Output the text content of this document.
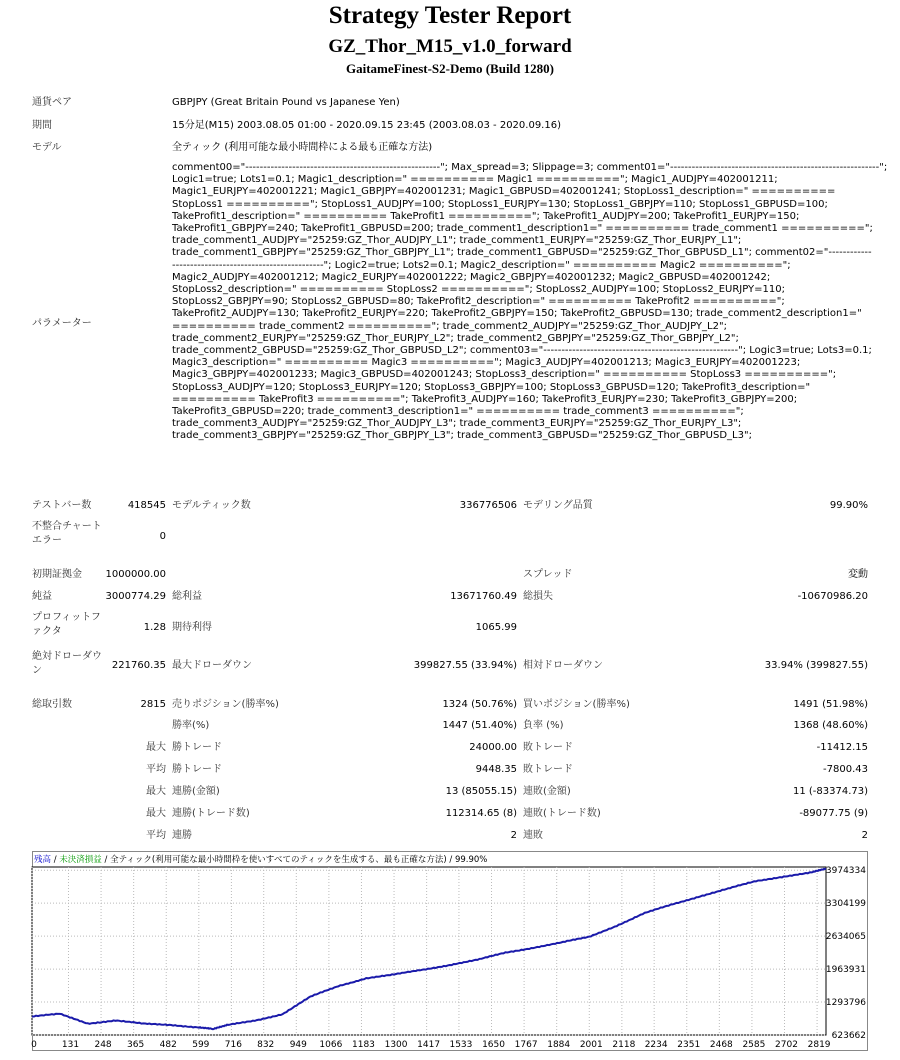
Strategy Tester Report
GZ_Thor_M15_v1.0_forward
GaitameFinest-S2-Demo (Build 1280)
通貨ペア	GBPJPY (Great Britain Pound vs Japanese Yen)
期間	15分足(M15) 2003.08.05 01:00 - 2020.09.15 23:45 (2003.08.03 - 2020.09.16)
モデル	全ティック (利用可能な最小時間枠による最も正確な方法)
パラメーター
comment00="------------------------------------------------------"; Max_spread=3; Slippage=3; comment01="----------------------------------------------------------";
Logic1=true; Lots1=0.1; Magic1_description=" ========== Magic1 =========="; Magic1_AUDJPY=402001211;
Magic1_EURJPY=402001221; Magic1_GBPJPY=402001231; Magic1_GBPUSD=402001241; StopLoss1_description=" ==========
StopLoss1 =========="; StopLoss1_AUDJPY=100; StopLoss1_EURJPY=130; StopLoss1_GBPJPY=110; StopLoss1_GBPUSD=100;
TakeProfit1_description=" ========== TakeProfit1 =========="; TakeProfit1_AUDJPY=200; TakeProfit1_EURJPY=150;
TakeProfit1_GBPJPY=240; TakeProfit1_GBPUSD=200; trade_comment1_description1=" ========== trade_comment1 ==========";
trade_comment1_AUDJPY="25259:GZ_Thor_AUDJPY_L1"; trade_comment1_EURJPY="25259:GZ_Thor_EURJPY_L1";
trade_comment1_GBPJPY="25259:GZ_Thor_GBPJPY_L1"; trade_comment1_GBPUSD="25259:GZ_Thor_GBPUSD_L1"; comment02="------------
------------------------------------------"; Logic2=true; Lots2=0.1; Magic2_description=" ========== Magic2 ==========";
Magic2_AUDJPY=402001212; Magic2_EURJPY=402001222; Magic2_GBPJPY=402001232; Magic2_GBPUSD=402001242;
StopLoss2_description=" ========== StopLoss2 =========="; StopLoss2_AUDJPY=100; StopLoss2_EURJPY=110;
StopLoss2_GBPJPY=90; StopLoss2_GBPUSD=80; TakeProfit2_description=" ========== TakeProfit2 ==========";
TakeProfit2_AUDJPY=130; TakeProfit2_EURJPY=220; TakeProfit2_GBPJPY=150; TakeProfit2_GBPUSD=130; trade_comment2_description1="
========== trade_comment2 =========="; trade_comment2_AUDJPY="25259:GZ_Thor_AUDJPY_L2";
trade_comment2_EURJPY="25259:GZ_Thor_EURJPY_L2"; trade_comment2_GBPJPY="25259:GZ_Thor_GBPJPY_L2";
trade_comment2_GBPUSD="25259:GZ_Thor_GBPUSD_L2"; comment03="------------------------------------------------------"; Logic3=true; Lots3=0.1;
Magic3_description=" ========== Magic3 =========="; Magic3_AUDJPY=402001213; Magic3_EURJPY=402001223;
Magic3_GBPJPY=402001233; Magic3_GBPUSD=402001243; StopLoss3_description=" ========== StopLoss3 ==========";
StopLoss3_AUDJPY=120; StopLoss3_EURJPY=120; StopLoss3_GBPJPY=100; StopLoss3_GBPUSD=120; TakeProfit3_description="
========== TakeProfit3 =========="; TakeProfit3_AUDJPY=160; TakeProfit3_EURJPY=230; TakeProfit3_GBPJPY=200;
TakeProfit3_GBPUSD=220; trade_comment3_description1=" ========== trade_comment3 ==========";
trade_comment3_AUDJPY="25259:GZ_Thor_AUDJPY_L3"; trade_comment3_EURJPY="25259:GZ_Thor_EURJPY_L3";
trade_comment3_GBPJPY="25259:GZ_Thor_GBPJPY_L3"; trade_comment3_GBPUSD="25259:GZ_Thor_GBPUSD_L3";
テストバー数	418545 モデルティック数	336776506 モデリング品質	99.90%
不整合チャートエラー	0
初期証拠金	1000000.00	スプレッド	変動
純益	3000774.29 総利益	13671760.49 総損失	-10670986.20
プロフィットファクタ	1.28 期待利得	1065.99
絶対ドローダウン	221760.35 最大ドローダウン	399827.55 (33.94%) 相対ドローダウン	33.94% (399827.55)
総取引数	2815 売りポジション(勝率%)	1324 (50.76%) 買いポジション(勝率%)	1491 (51.98%)
勝率(%)	1447 (51.40%) 負率 (%)	1368 (48.60%)
最大 勝トレード	24000.00 敗トレード	-11412.15
平均 勝トレード	9448.35 敗トレード	-7800.43
最大 連勝(金額)	13 (85055.15) 連敗(金額)	11 (-83374.73)
最大 連勝(トレード数)	112314.65 (8) 連敗(トレード数)	-89077.75 (9)
平均 連勝	2 連敗	2
0	131 248 365 482 599 716 832 949 1066 1183 1300 1417 1533 1650 1767 1884 2001 2118 2234 2351 2468 2585 2702 2819
623662
1293796
1963931
2634065
3304199
3974334
残高 / 未決済損益 / 全ティック(利用可能な最小時間枠を使いすべてのティックを生成する、最も正確な方法) / 99.90%
